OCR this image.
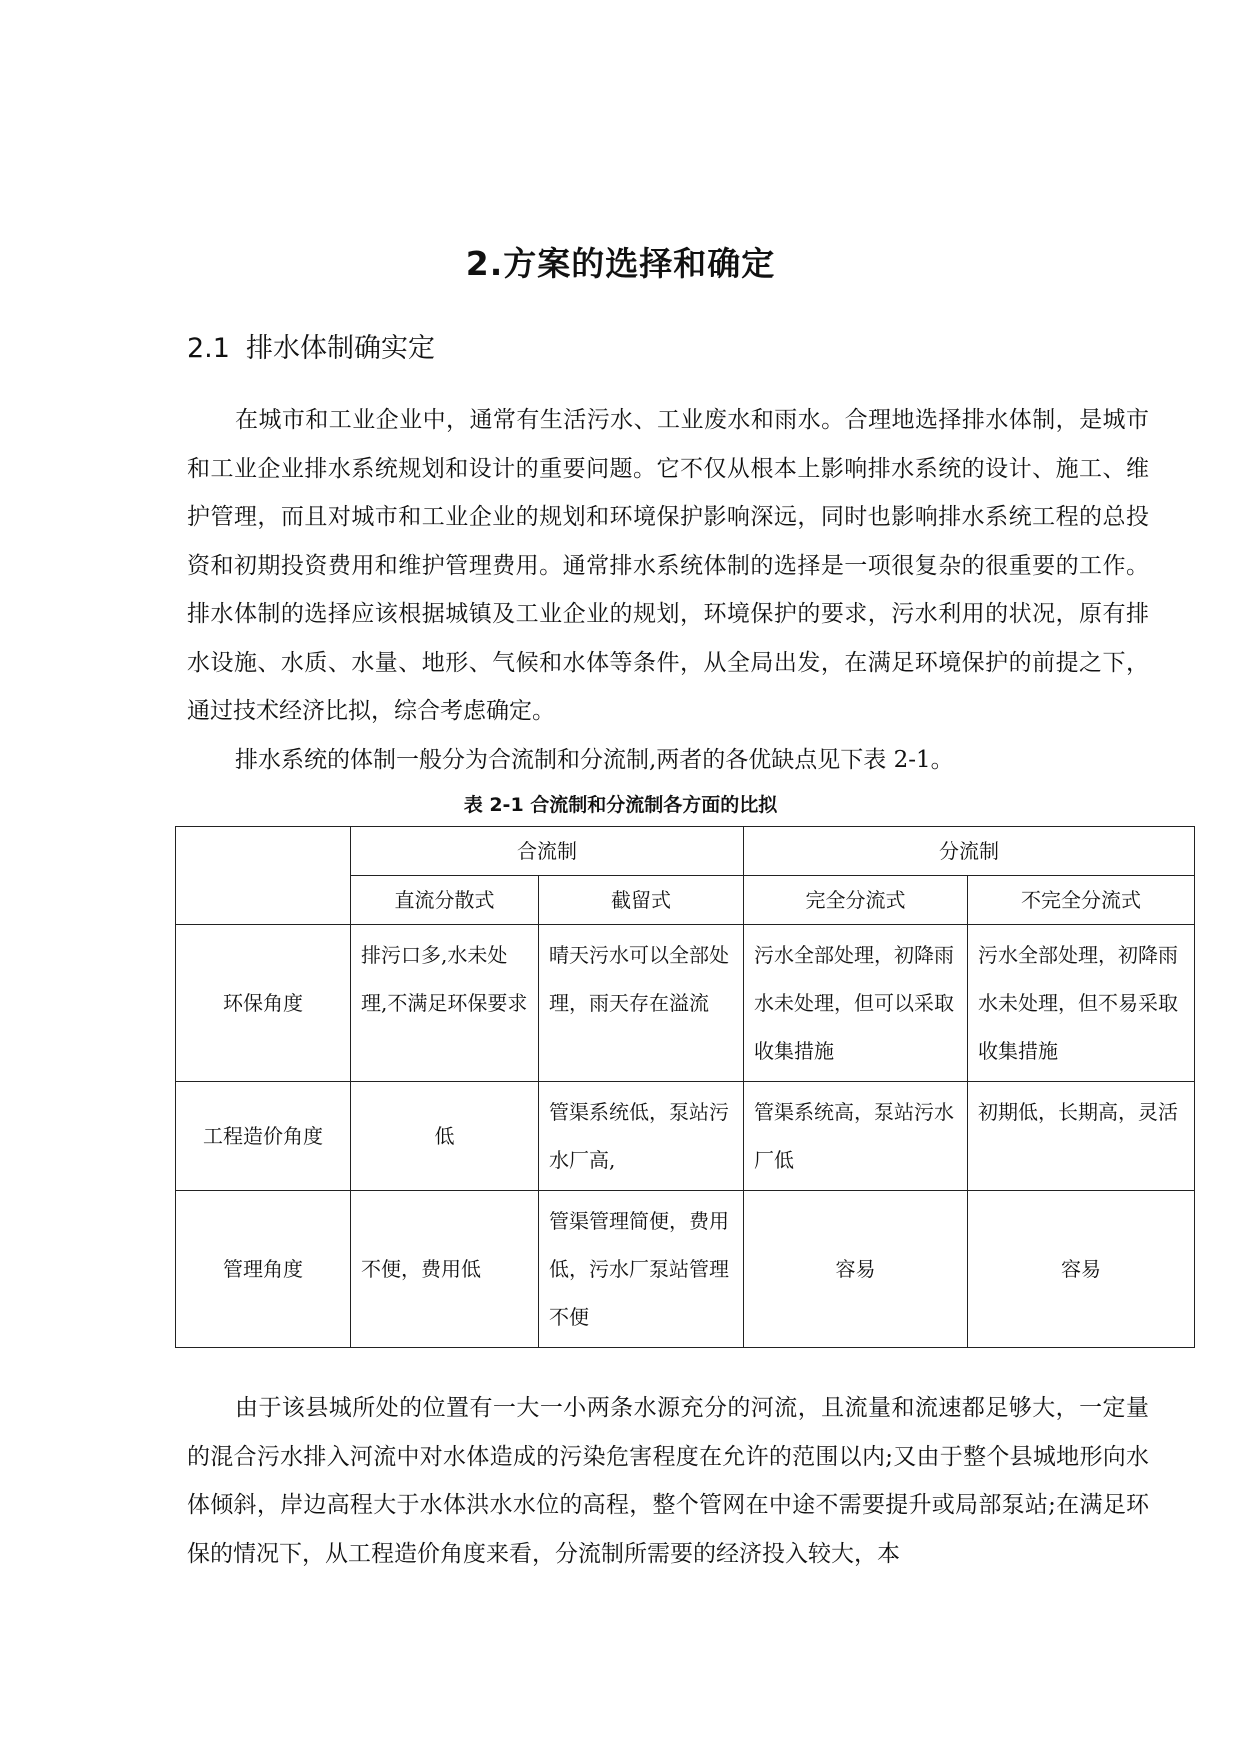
2.方案的选择和确定
2.1 排水体制确实定

在城市和工业企业中，通常有生活污水、工业废水和雨水。合理地选择排水体制，是城市和工业企业排水系统规划和设计的重要问题。它不仅从根本上影响排水系统的设计、施工、维护管理，而且对城市和工业企业的规划和环境保护影响深远，同时也影响排水系统工程的总投资和初期投资费用和维护管理费用。通常排水系统体制的选择是一项很复杂的很重要的工作。排水体制的选择应该根据城镇及工业企业的规划，环境保护的要求，污水利用的状况，原有排水设施、水质、水量、地形、气候和水体等条件，从全局出发，在满足环境保护的前提之下，通过技术经济比拟，综合考虑确定。

排水系统的体制一般分为合流制和分流制,两者的各优缺点见下表 2-1。

表 2-1 合流制和分流制各方面的比拟
	合流制		分流制	
	直流分散式	截留式	完全分流式	不完全分流式
环保角度	排污口多,水未处理,不满足环保要求	晴天污水可以全部处理，雨天存在溢流	污水全部处理，初降雨水未处理，但可以采取收集措施	污水全部处理，初降雨水未处理，但不易采取收集措施
工程造价角度	低	管渠系统低，泵站污水厂高,	管渠系统高，泵站污水厂低	初期低，长期高，灵活
管理角度	不便，费用低	管渠管理简便，费用低，污水厂泵站管理不便	容易	容易

由于该县城所处的位置有一大一小两条水源充分的河流，且流量和流速都足够大，一定量的混合污水排入河流中对水体造成的污染危害程度在允许的范围以内;又由于整个县城地形向水体倾斜，岸边高程大于水体洪水水位的高程，整个管网在中途不需要提升或局部泵站;在满足环保的情况下，从工程造价角度来看，分流制所需要的经济投入较大，本
